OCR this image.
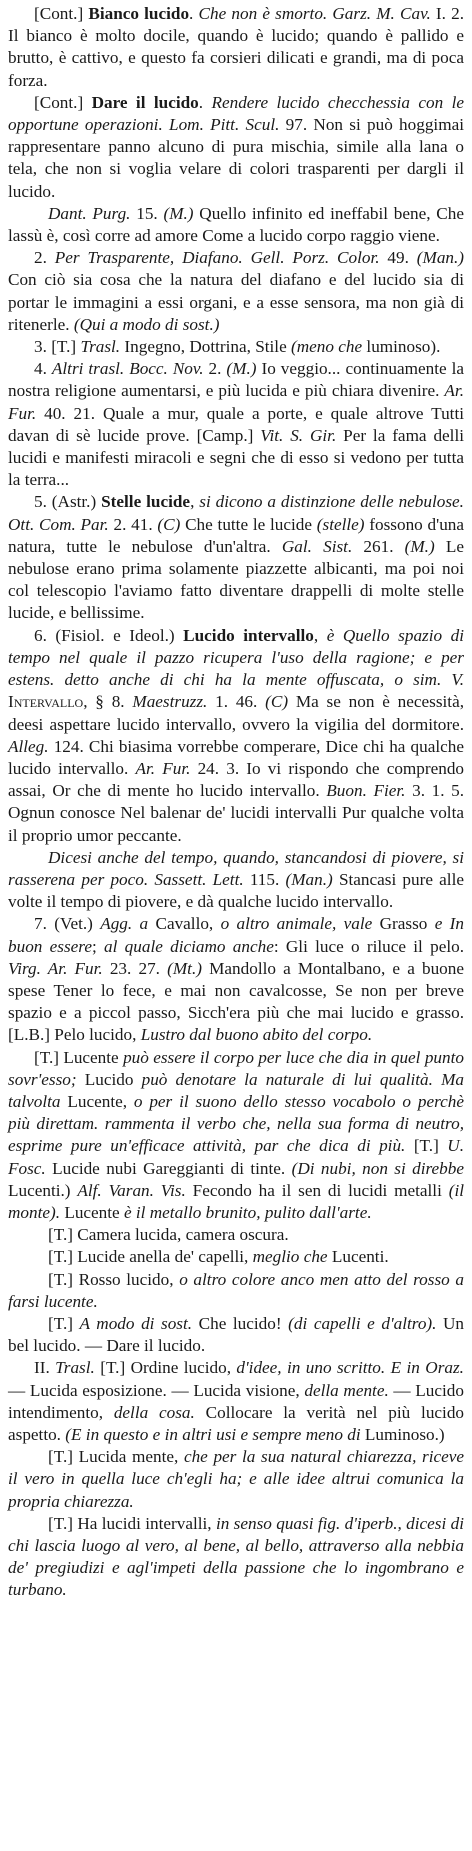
[Cont.] Bianco lucido. Che non è smorto. Garz. M. Cav. I. 2. Il bianco è molto docile, quando è lucido; quando è pallido e brutto, è cattivo, e questo fa corsieri dilicati e grandi, ma di poca forza.

[Cont.] Dare il lucido. Rendere lucido checchessia con le opportune operazioni. Lom. Pitt. Scul. 97. Non si può hoggimai rappresentare panno alcuno di pura mischia, simile alla lana o tela, che non si voglia velare di colori trasparenti per dargli il lucido.

Dant. Purg. 15. (M.) Quello infinito ed ineffabil bene, Che lassù è, così corre ad amore Come a lucido corpo raggio viene.

2. Per Trasparente, Diafano. Gell. Porz. Color. 49. (Man.) Con ciò sia cosa che la natura del diafano e del lucido sia di portar le immagini a essi organi, e a esse sensora, ma non già di ritenerle. (Qui a modo di sost.)

3. [T.] Trasl. Ingegno, Dottrina, Stile (meno che luminoso).

4. Altri trasl. Bocc. Nov. 2. (M.) Io veggio... continuamente la nostra religione aumentarsi, e più lucida e più chiara divenire. Ar. Fur. 40. 21. Quale a mur, quale a porte, e quale altrove Tutti davan di sè lucide prove. [Camp.] Vit. S. Gir. Per la fama delli lucidi e manifesti miracoli e segni che di esso si vedono per tutta la terra...

5. (Astr.) Stelle lucide, si dicono a distinzione delle nebulose. Ott. Com. Par. 2. 41. (C) Che tutte le lucide (stelle) fossono d'una natura, tutte le nebulose d'un'altra. Gal. Sist. 261. (M.) Le nebulose erano prima solamente piazzette albicanti, ma poi noi col telescopio l'aviamo fatto diventare drappelli di molte stelle lucide, e bellissime.

6. (Fisiol. e Ideol.) Lucido intervallo, è Quello spazio di tempo nel quale il pazzo ricupera l'uso della ragione; e per estens. detto anche di chi ha la mente offuscata, o sim. V. Intervallo, § 8. Maestruzz. 1. 46. (C) Ma se non è necessità, deesi aspettare lucido intervallo, ovvero la vigilia del dormitore. Alleg. 124. Chi biasima vorrebbe comperare, Dice chi ha qualche lucido intervallo. Ar. Fur. 24. 3. Io vi rispondo che comprendo assai, Or che di mente ho lucido intervallo. Buon. Fier. 3. 1. 5. Ognun conosce Nel balenar de' lucidi intervalli Pur qualche volta il proprio umor peccante.

Dicesi anche del tempo, quando, stancandosi di piovere, si rasserena per poco. Sassett. Lett. 115. (Man.) Stancasi pure alle volte il tempo di piovere, e dà qualche lucido intervallo.

7. (Vet.) Agg. a Cavallo, o altro animale, vale Grasso e In buon essere; al quale diciamo anche: Gli luce o riluce il pelo. Virg. Ar. Fur. 23. 27. (Mt.) Mandollo a Montalbano, e a buone spese Tener lo fece, e mai non cavalcosse, Se non per breve spazio e a piccol passo, Sicch'era più che mai lucido e grasso. [L.B.] Pelo lucido, Lustro dal buono abito del corpo.

[T.] Lucente può essere il corpo per luce che dia in quel punto sovr'esso; Lucido può denotare la naturale di lui qualità. Ma talvolta Lucente, o per il suono dello stesso vocabolo o perchè più direttam. rammenta il verbo che, nella sua forma di neutro, esprime pure un'efficace attività, par che dica di più. [T.] U. Fosc. Lucide nubi Gareggianti di tinte. (Di nubi, non si direbbe Lucenti.) Alf. Varan. Vis. Fecondo ha il sen di lucidi metalli (il monte). Lucente è il metallo brunito, pulito dall'arte.

[T.] Camera lucida, camera oscura.

[T.] Lucide anella de' capelli, meglio che Lucenti.

[T.] Rosso lucido, o altro colore anco men atto del rosso a farsi lucente.

[T.] A modo di sost. Che lucido! (di capelli e d'altro). Un bel lucido. — Dare il lucido.

II. Trasl. [T.] Ordine lucido, d'idee, in uno scritto. E in Oraz. — Lucida esposizione. — Lucida visione, della mente. — Lucido intendimento, della cosa. Collocare la verità nel più lucido aspetto. (E in questo e in altri usi e sempre meno di Luminoso.)

[T.] Lucida mente, che per la sua natural chiarezza, riceve il vero in quella luce ch'egli ha; e alle idee altrui comunica la propria chiarezza.

[T.] Ha lucidi intervalli, in senso quasi fig. d'iperb., dicesi di chi lascia luogo al vero, al bene, al bello, attraverso alla nebbia de' pregiudizi e agl'impeti della passione che lo ingombrano e turbano.
